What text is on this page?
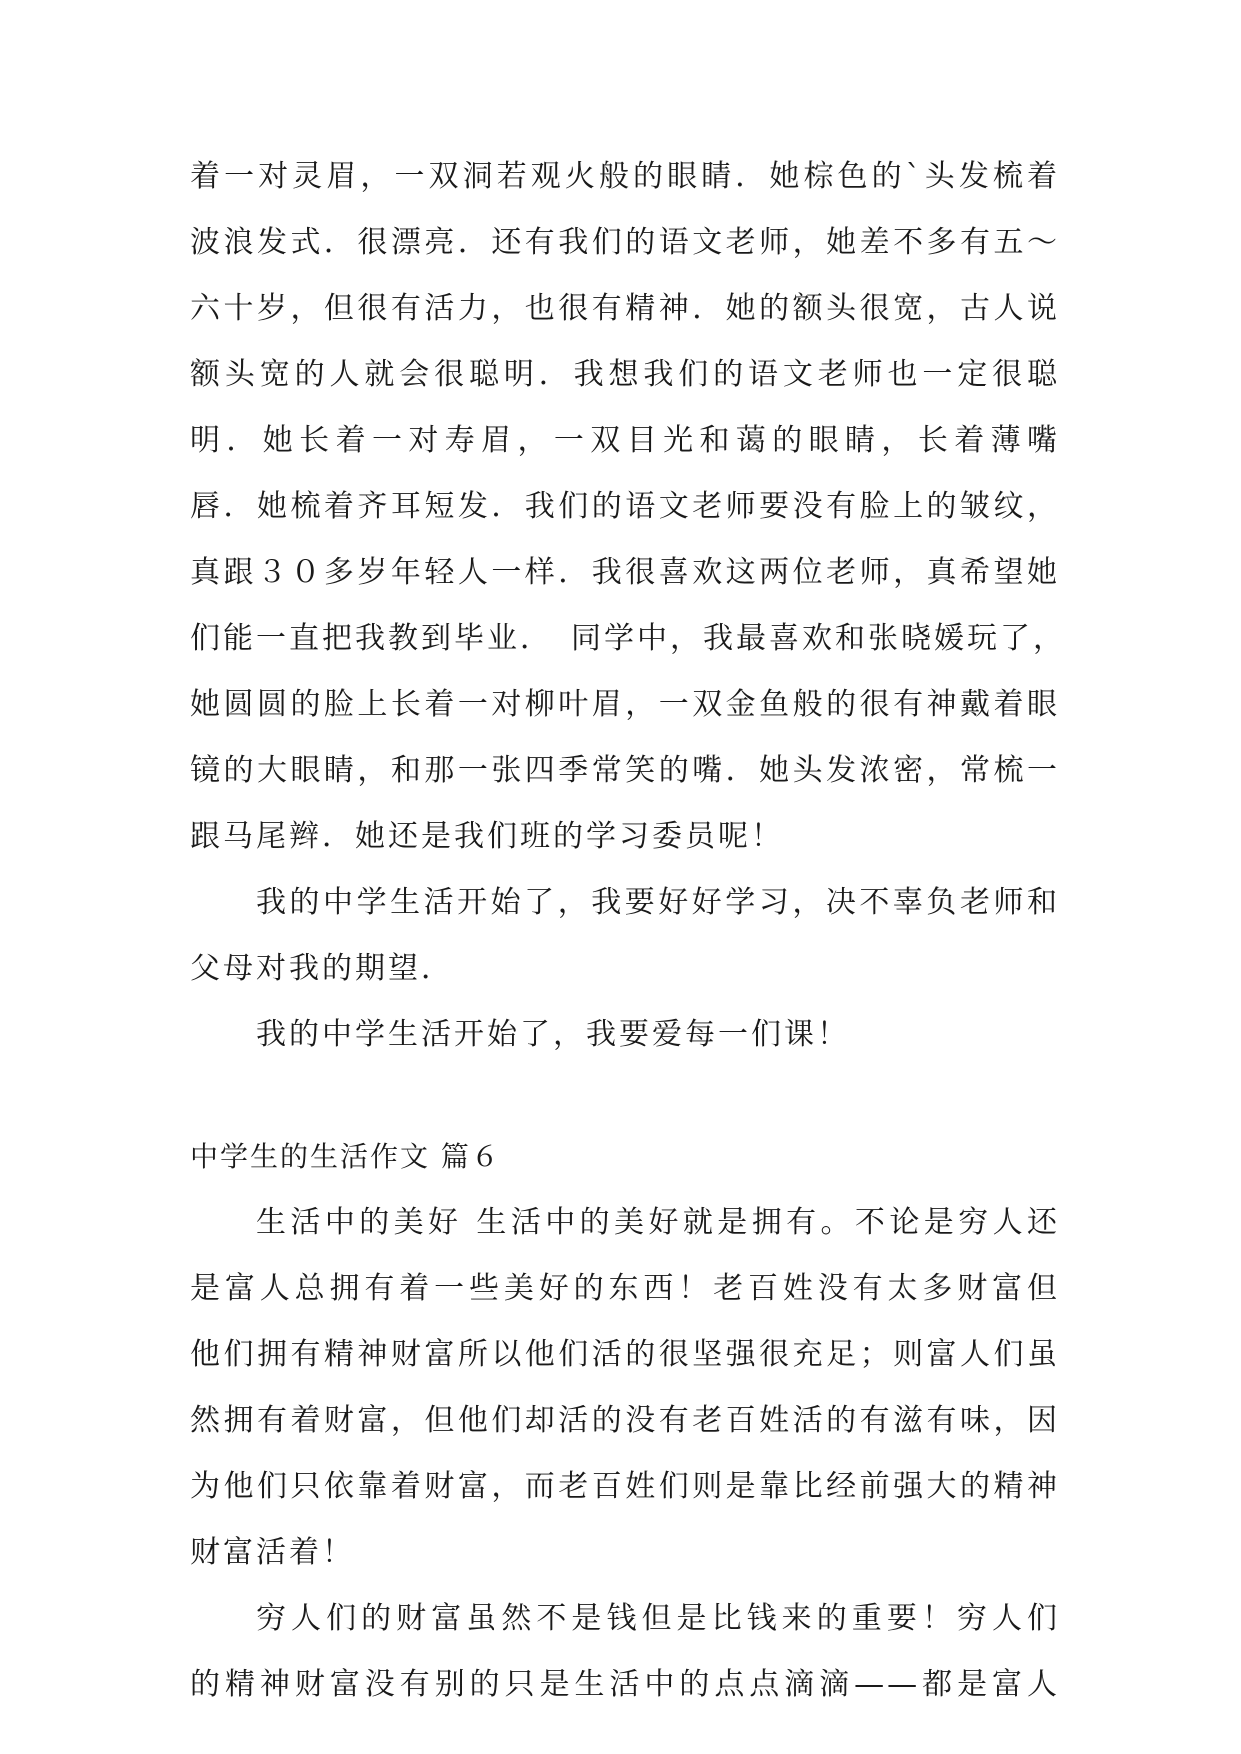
着一对灵眉，一双洞若观火般的眼睛．她棕色的`头发梳着
波浪发式．很漂亮．还有我们的语文老师，她差不多有五～
六十岁，但很有活力，也很有精神．她的额头很宽，古人说
额头宽的人就会很聪明．我想我们的语文老师也一定很聪
明．她长着一对寿眉，一双目光和蔼的眼睛，长着薄嘴
唇．她梳着齐耳短发．我们的语文老师要没有脸上的皱纹，
真跟３０多岁年轻人一样．我很喜欢这两位老师，真希望她
们能一直把我教到毕业．　同学中，我最喜欢和张晓媛玩了，
她圆圆的脸上长着一对柳叶眉，一双金鱼般的很有神戴着眼
镜的大眼睛，和那一张四季常笑的嘴．她头发浓密，常梳一
跟马尾辫．她还是我们班的学习委员呢！
我的中学生活开始了，我要好好学习，决不辜负老师和
父母对我的期望．
我的中学生活开始了，我要爱每一们课！
中学生的生活作文 篇６
生活中的美好 生活中的美好就是拥有。不论是穷人还
是富人总拥有着一些美好的东西！老百姓没有太多财富但
他们拥有精神财富所以他们活的很坚强很充足；则富人们虽
然拥有着财富，但他们却活的没有老百姓活的有滋有味，因
为他们只依靠着财富，而老百姓们则是靠比经前强大的精神
财富活着！
穷人们的财富虽然不是钱但是比钱来的重要！穷人们
的精神财富没有别的只是生活中的点点滴滴——都是富人
